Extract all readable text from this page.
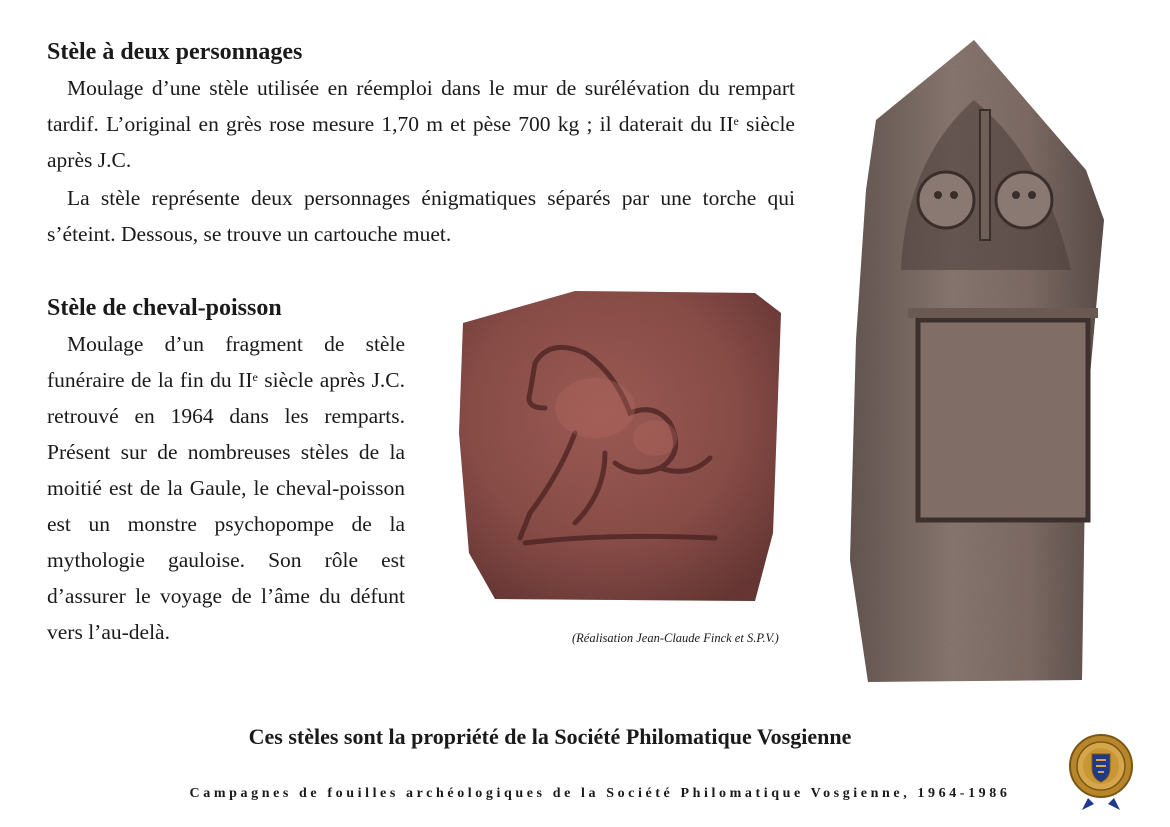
Stèle à deux personnages

Moulage d’une stèle utilisée en réemploi dans le mur de surélévation du rempart tardif. L’original en grès rose mesure 1,70 m et pèse 700 kg ; il daterait du IIe siècle après J.C.

La stèle représente deux personnages énigmatiques séparés par une torche qui s’éteint. Dessous, se trouve un cartouche muet.

Stèle de cheval-poisson

Moulage d’un fragment de stèle funéraire de la fin du IIe siècle après J.C. retrouvé en 1964 dans les remparts. Présent sur de nombreuses stèles de la moitié est de la Gaule, le cheval-poisson est un monstre psychopompe de la mythologie gauloise. Son rôle est d’assurer le voyage de l’âme du défunt vers l’au-delà.	(Réalisation Jean-Claude Finck et S.P.V.)

Ces stèles sont la propriété de la Société Philomatique Vosgienne

Campagnes de fouilles archéologiques de la Société Philomatique Vosgienne, 1964-1986
